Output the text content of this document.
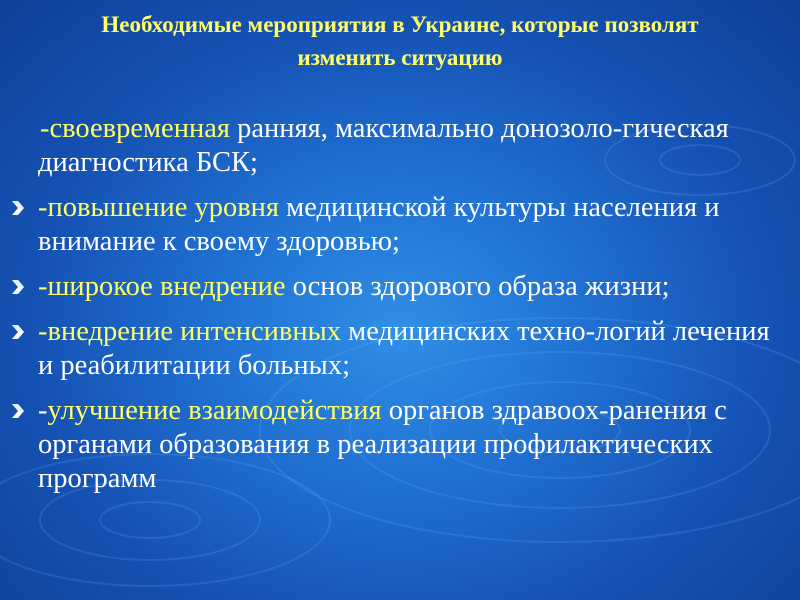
Необходимые мероприятия в Украине, которые позволят изменить ситуацию
-своевременная ранняя, максимально донозоло-гическая диагностика БСК;
-повышение уровня медицинской культуры населения и внимание к своему здоровью;
-широкое внедрение основ здорового образа жизни;
-внедрение интенсивных медицинских техно-логий лечения и реабилитации больных;
-улучшение взаимодействия органов здравоох-ранения с органами образования в реализации профилактических программ
